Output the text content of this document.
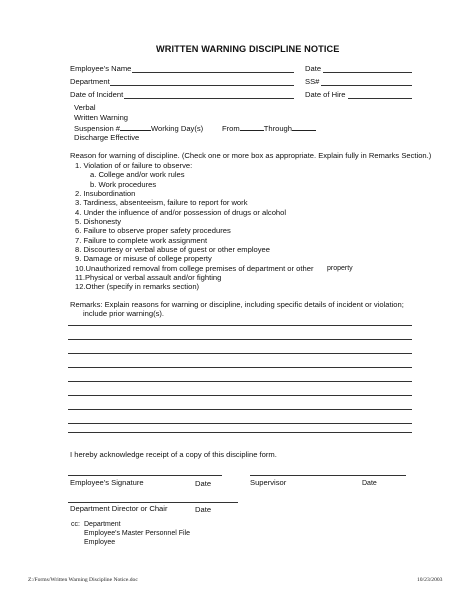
WRITTEN WARNING DISCIPLINE NOTICE
Employee's Name	Date
Department	SS#
Date of Incident	Date of Hire
Verbal
Written Warning
Suspension #	Working Day(s) From	Through
Discharge Effective
Reason for warning of discipline. (Check one or more box as appropriate. Explain fully in Remarks Section.)
1. Violation of or failure to observe:
a. College and/or work rules
b. Work procedures
2. Insubordination
3. Tardiness, absenteeism, failure to report for work
4. Under the influence of and/or possession of drugs or alcohol
5. Dishonesty
6. Failure to observe proper safety procedures
7. Failure to complete work assignment
8. Discourtesy or verbal abuse of guest or other employee
9. Damage or misuse of college property
10.Unauthorized removal from college premises of department or other property
11.Physical or verbal assault and/or fighting
12.Other (specify in remarks section)
Remarks: Explain reasons for warning or discipline, including specific details of incident or violation;
include prior warning(s).
I hereby acknowledge receipt of a copy of this discipline form.
Employee's Signature	Date	Supervisor	Date
Department Director or Chair	Date
cc: Department
Employee's Master Personnel File
Employee
Z:/Forms/Written Warning Discipline Notice.doc	10/23/2003
